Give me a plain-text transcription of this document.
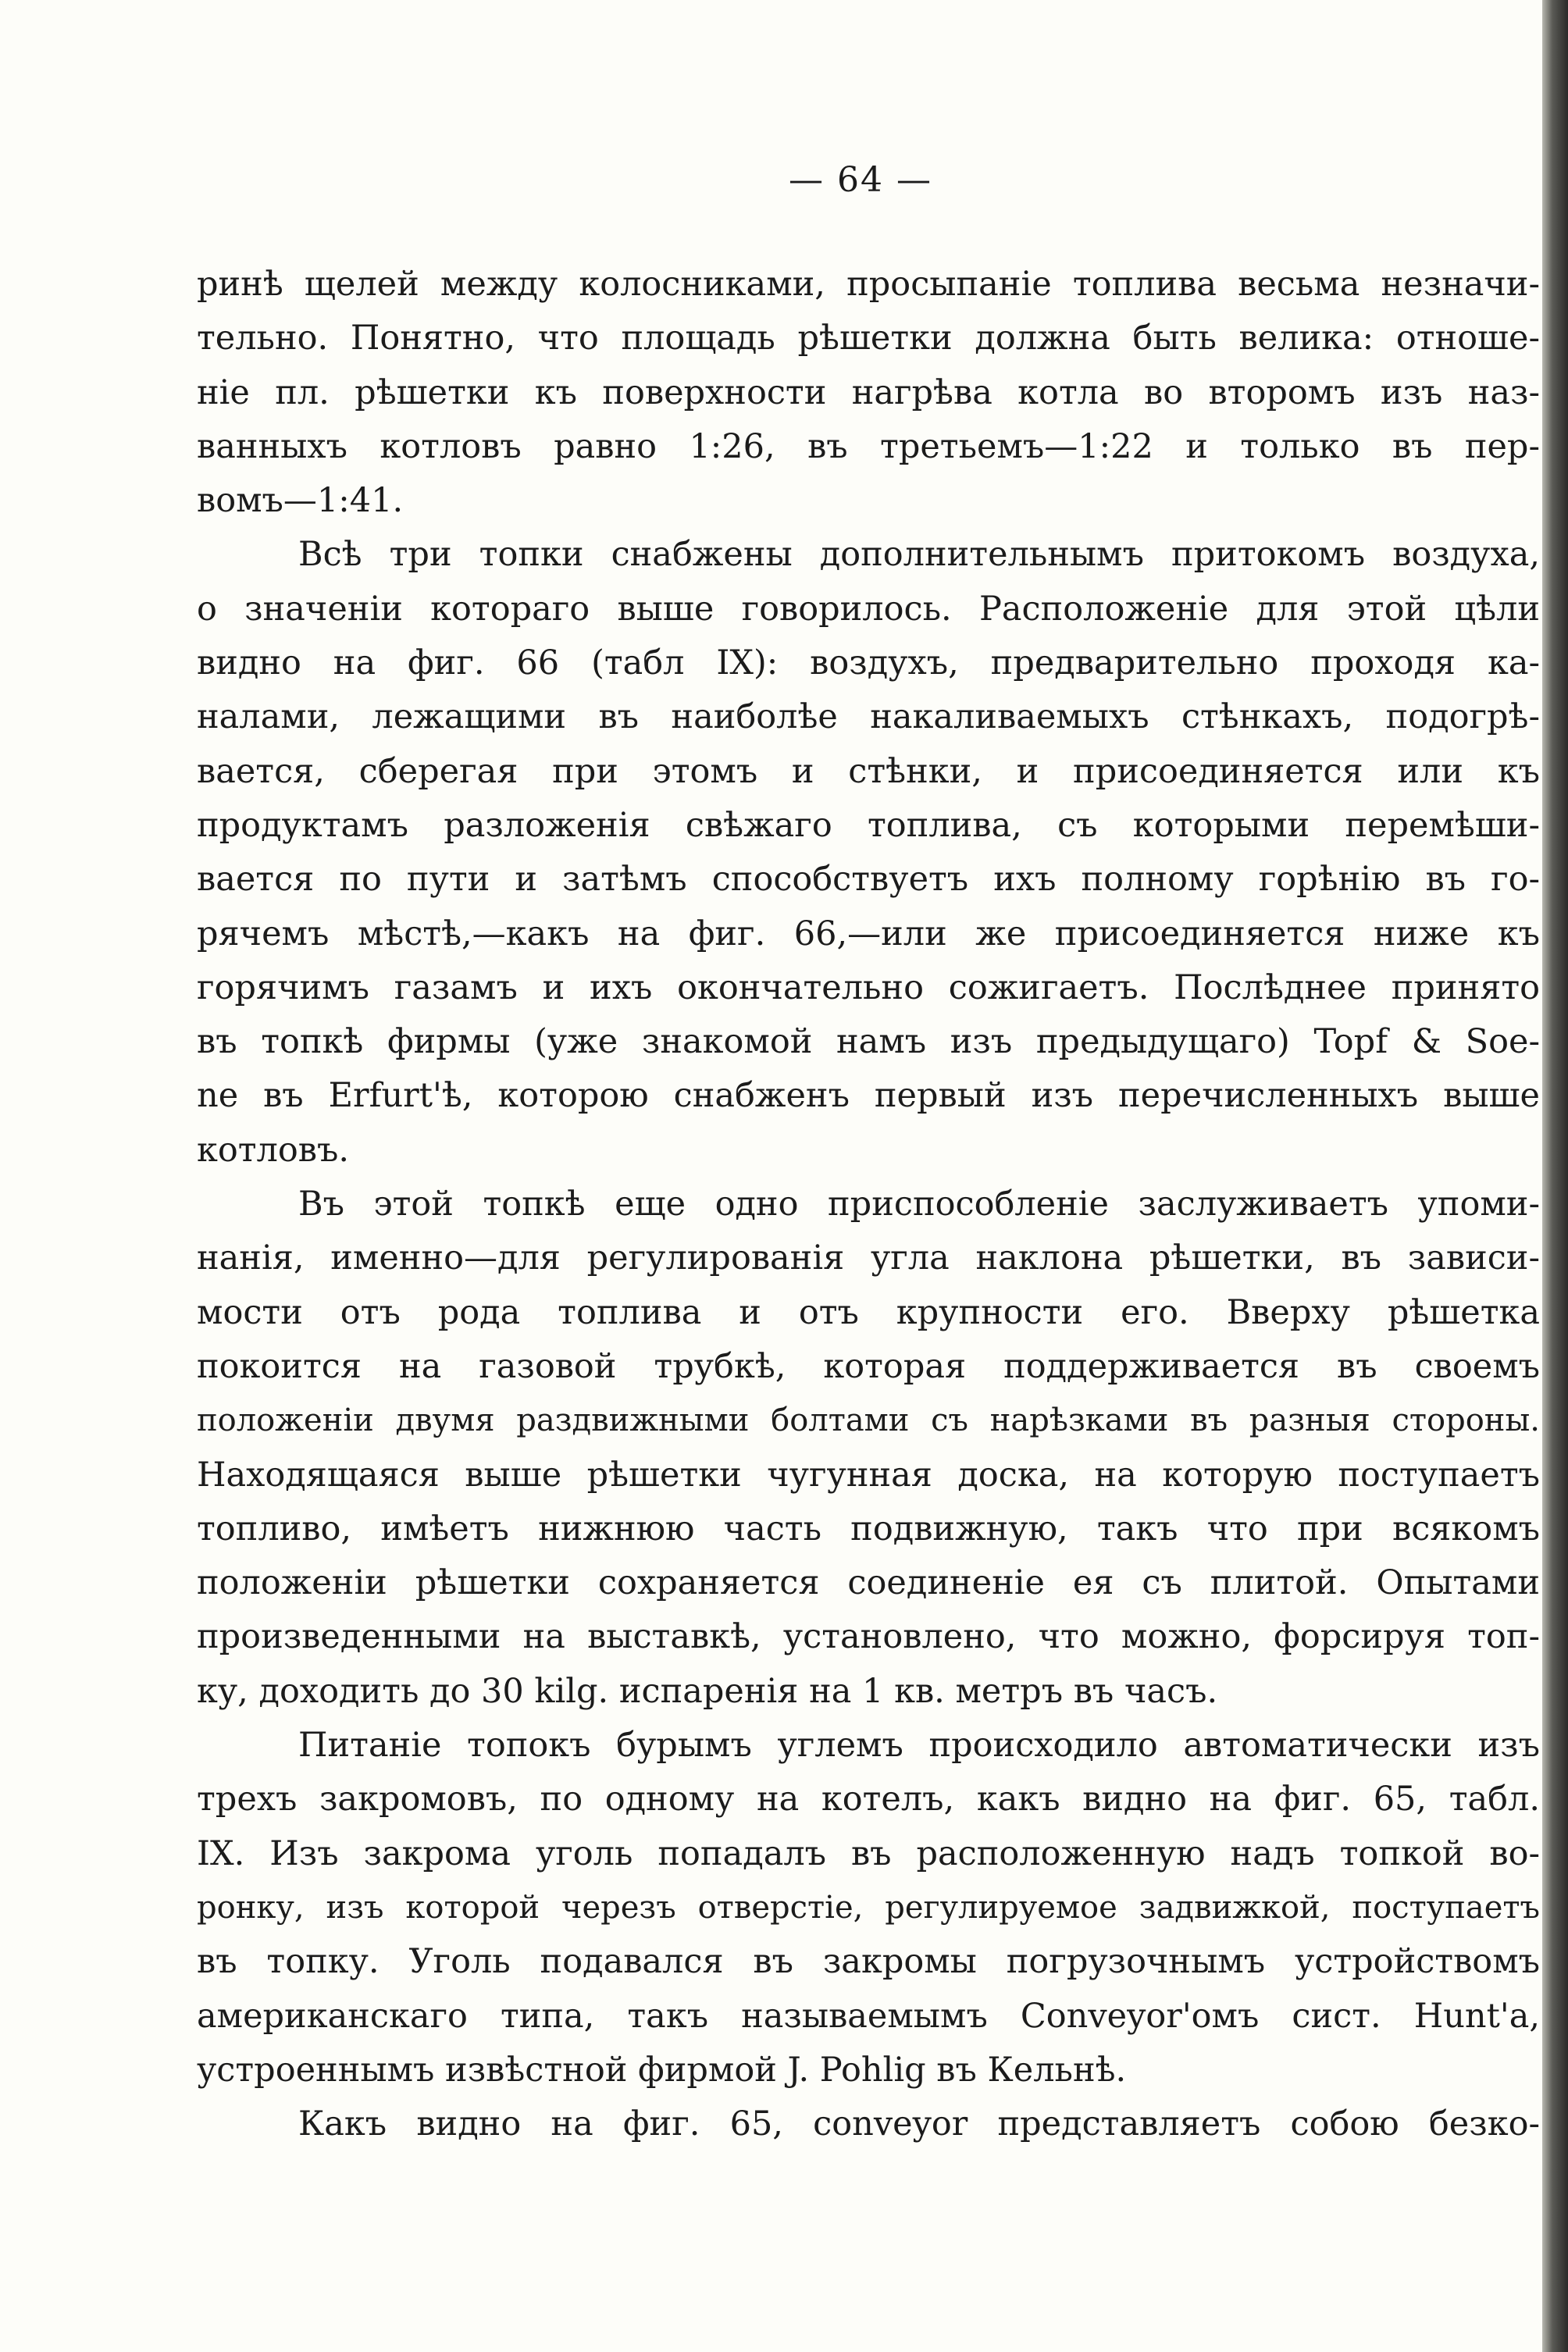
— 64 —
ринѣ щелей между колосниками, просыпаніе топлива весьма незначи-
тельно. Понятно, что площадь рѣшетки должна быть велика: отноше-
ніе пл. рѣшетки къ поверхности нагрѣва котла во второмъ изъ наз-
ванныхъ котловъ равно 1:26, въ третьемъ—1:22 и только въ пер-
вомъ—1:41.
Всѣ три топки снабжены дополнительнымъ притокомъ воздуха,
о значеніи котораго выше говорилось. Расположеніе для этой цѣли
видно на фиг. 66 (табл IX): воздухъ, предварительно проходя ка-
налами, лежащими въ наиболѣе накаливаемыхъ стѣнкахъ, подогрѣ-
вается, сберегая при этомъ и стѣнки, и присоединяется или къ
продуктамъ разложенія свѣжаго топлива, съ которыми перемѣши-
вается по пути и затѣмъ способствуетъ ихъ полному горѣнію въ го-
рячемъ мѣстѣ,—какъ на фиг. 66,—или же присоединяется ниже къ
горячимъ газамъ и ихъ окончательно сожигаетъ. Послѣднее принято
въ топкѣ фирмы (уже знакомой намъ изъ предыдущаго) Topf & Soe-
ne въ Erfurt'ѣ, которою снабженъ первый изъ перечисленныхъ выше
котловъ.
Въ этой топкѣ еще одно приспособленіе заслуживаетъ упоми-
нанія, именно—для регулированія угла наклона рѣшетки, въ зависи-
мости отъ рода топлива и отъ крупности его. Вверху рѣшетка
покоится на газовой трубкѣ, которая поддерживается въ своемъ
положеніи двумя раздвижными болтами съ нарѣзками въ разныя стороны.
Находящаяся выше рѣшетки чугунная доска, на которую поступаетъ
топливо, имѣетъ нижнюю часть подвижную, такъ что при всякомъ
положеніи рѣшетки сохраняется соединеніе ея съ плитой. Опытами
произведенными на выставкѣ, установлено, что можно, форсируя топ-
ку, доходить до 30 kilg. испаренія на 1 кв. метръ въ часъ.
Питаніе топокъ бурымъ углемъ происходило автоматически изъ
трехъ закромовъ, по одному на котелъ, какъ видно на фиг. 65, табл.
IX. Изъ закрома уголь попадалъ въ расположенную надъ топкой во-
ронку, изъ которой черезъ отверстіе, регулируемое задвижкой, поступаетъ
въ топку. Уголь подавался въ закромы погрузочнымъ устройствомъ
американскаго типа, такъ называемымъ Conveyor'омъ сист. Hunt'a,
устроеннымъ извѣстной фирмой J. Pohlig въ Кельнѣ.
Какъ видно на фиг. 65, conveyor представляетъ собою безко-
